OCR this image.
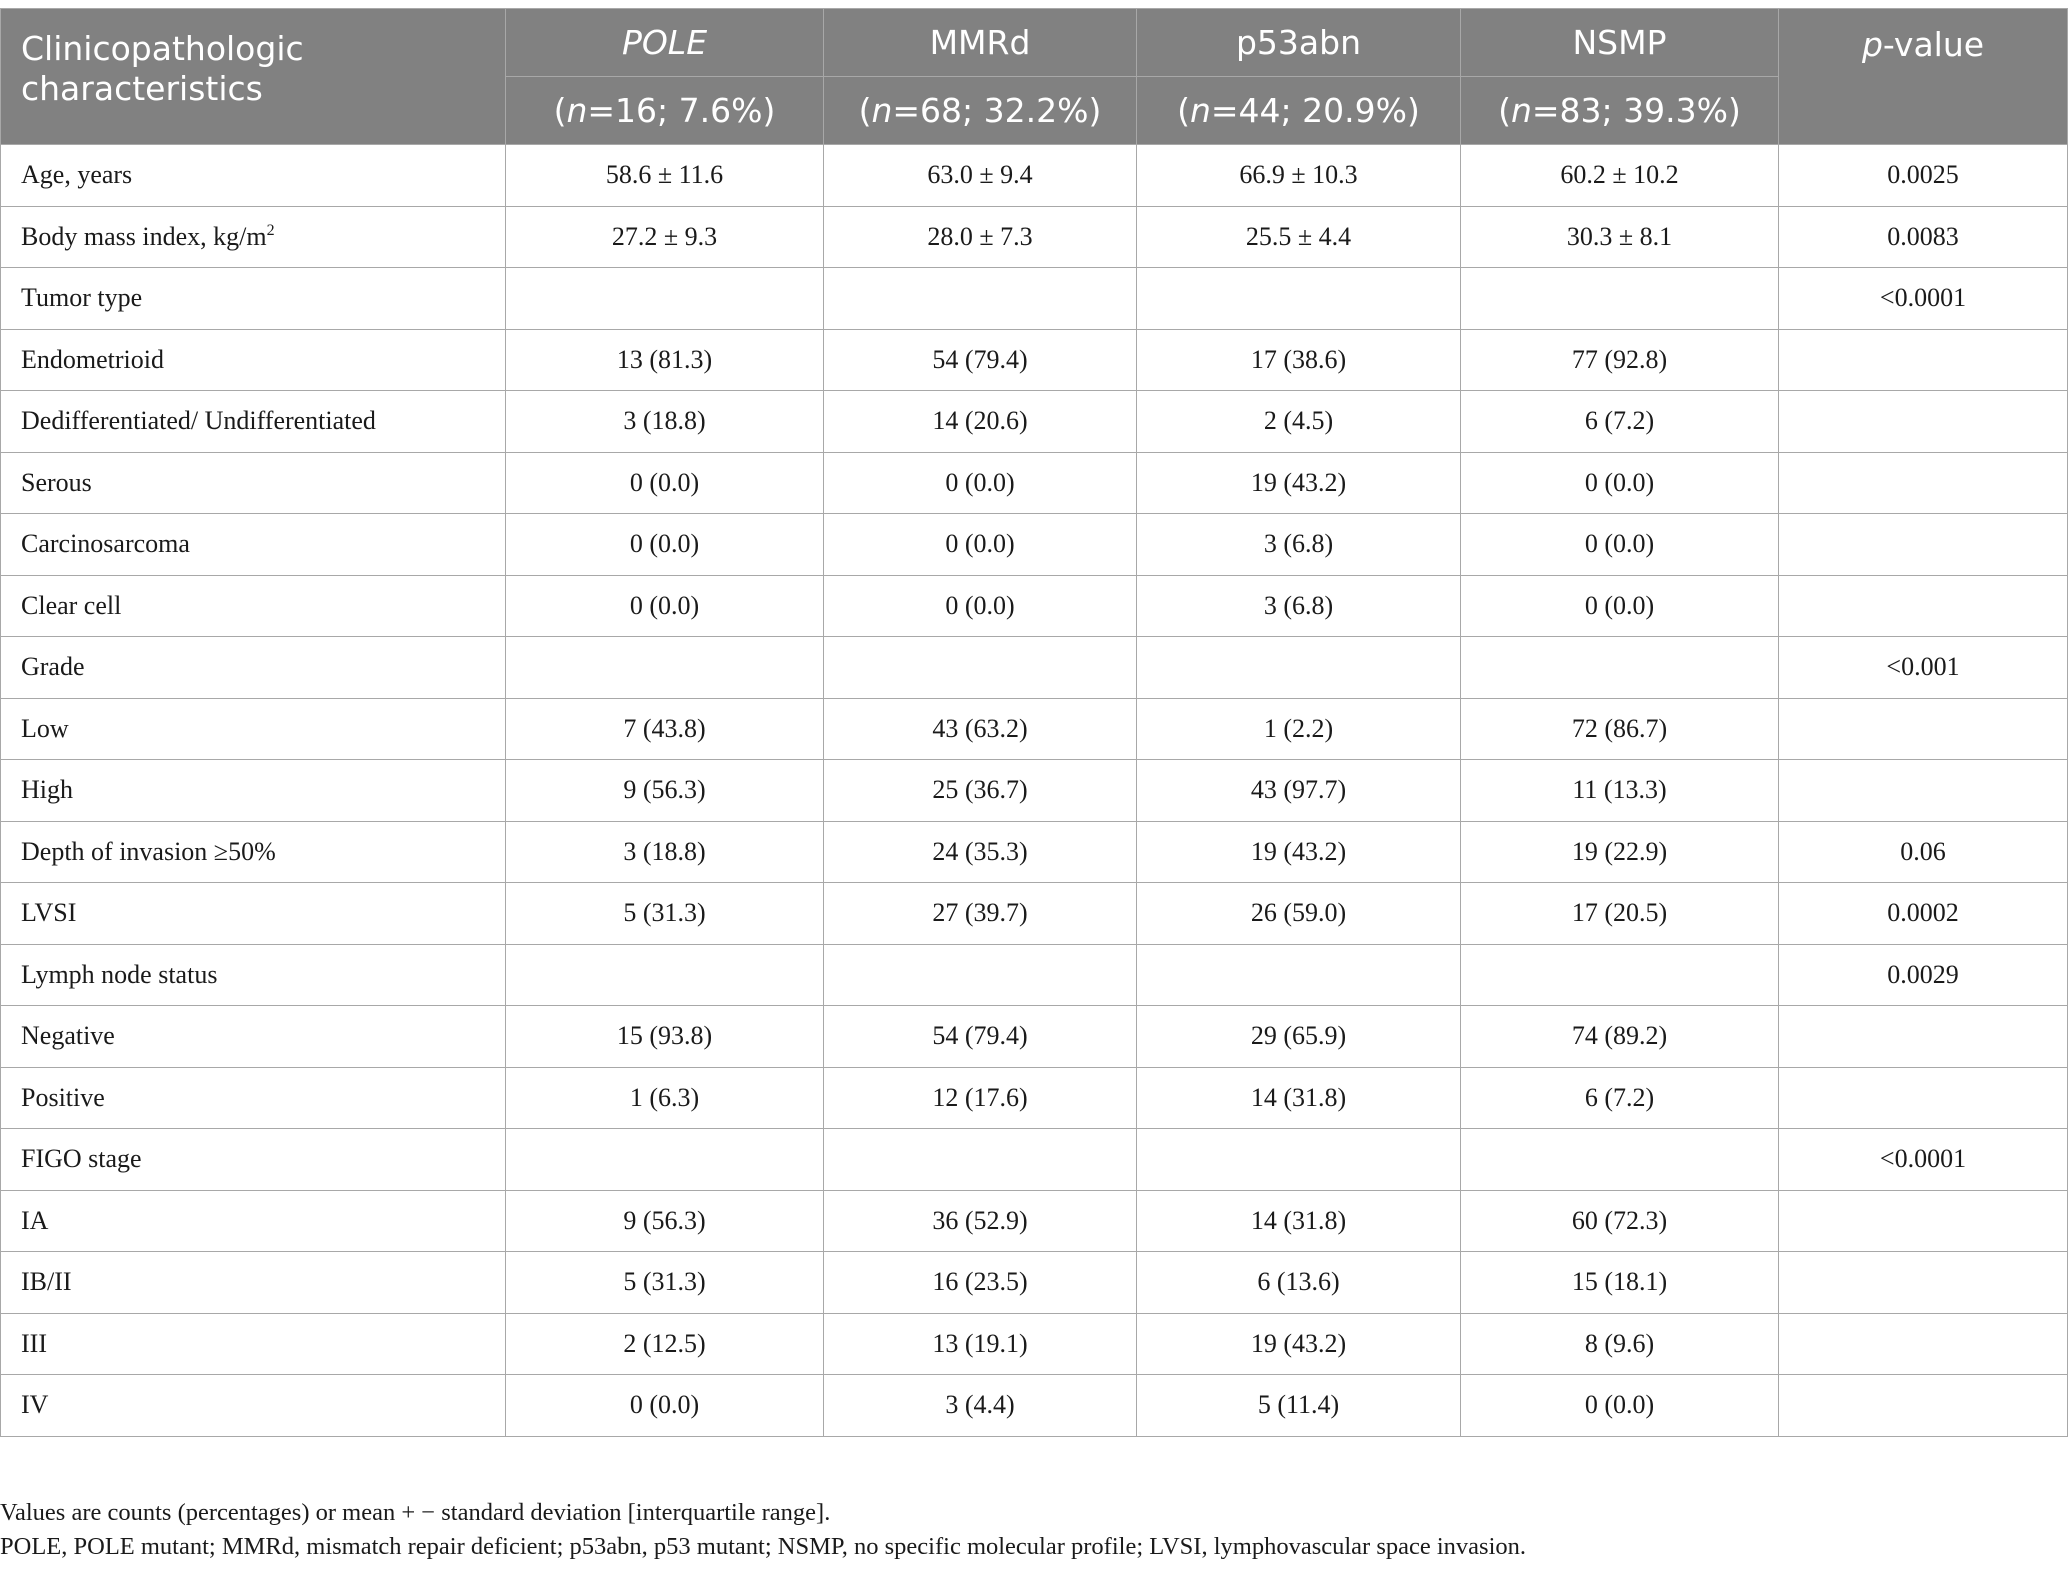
Clinicopathologic characteristics	POLE	MMRd	p53abn	NSMP	p-value
	(n=16; 7.6%)	(n=68; 32.2%)	(n=44; 20.9%)	(n=83; 39.3%)	
Age, years	58.6 ± 11.6	63.0 ± 9.4	66.9 ± 10.3	60.2 ± 10.2	0.0025
Body mass index, $kg/m^2$	27.2 ± 9.3	28.0 ± 7.3	25.5 ± 4.4	30.3 ± 8.1	0.0083
Tumor type					<0.0001
Endometrioid	13 (81.3)	54 (79.4)	17 (38.6)	77 (92.8)	
Dedifferentiated/ Undifferentiated	3 (18.8)	14 (20.6)	2 (4.5)	6 (7.2)	
Serous	0 (0.0)	0 (0.0)	19 (43.2)	0 (0.0)	
Carcinosarcoma	0 (0.0)	0 (0.0)	3 (6.8)	0 (0.0)	
Clear cell	0 (0.0)	0 (0.0)	3 (6.8)	0 (0.0)	
Grade					<0.001
Low	7 (43.8)	43 (63.2)	1 (2.2)	72 (86.7)	
High	9 (56.3)	25 (36.7)	43 (97.7)	11 (13.3)	
Depth of invasion ≥50%	3 (18.8)	24 (35.3)	19 (43.2)	19 (22.9)	0.06
LVSI	5 (31.3)	27 (39.7)	26 (59.0)	17 (20.5)	0.0002
Lymph node status					0.0029
Negative	15 (93.8)	54 (79.4)	29 (65.9)	74 (89.2)	
Positive	1 (6.3)	12 (17.6)	14 (31.8)	6 (7.2)	
FIGO stage					<0.0001
IA	9 (56.3)	36 (52.9)	14 (31.8)	60 (72.3)	
IB/II	5 (31.3)	16 (23.5)	6 (13.6)	15 (18.1)	
III	2 (12.5)	13 (19.1)	19 (43.2)	8 (9.6)	
IV	0 (0.0)	3 (4.4)	5 (11.4)	0 (0.0)	
Values are counts (percentages) or mean + − standard deviation [interquartile range].
POLE, POLE mutant; MMRd, mismatch repair deficient; p53abn, p53 mutant; NSMP, no specific molecular profile; LVSI, lymphovascular space invasion.
